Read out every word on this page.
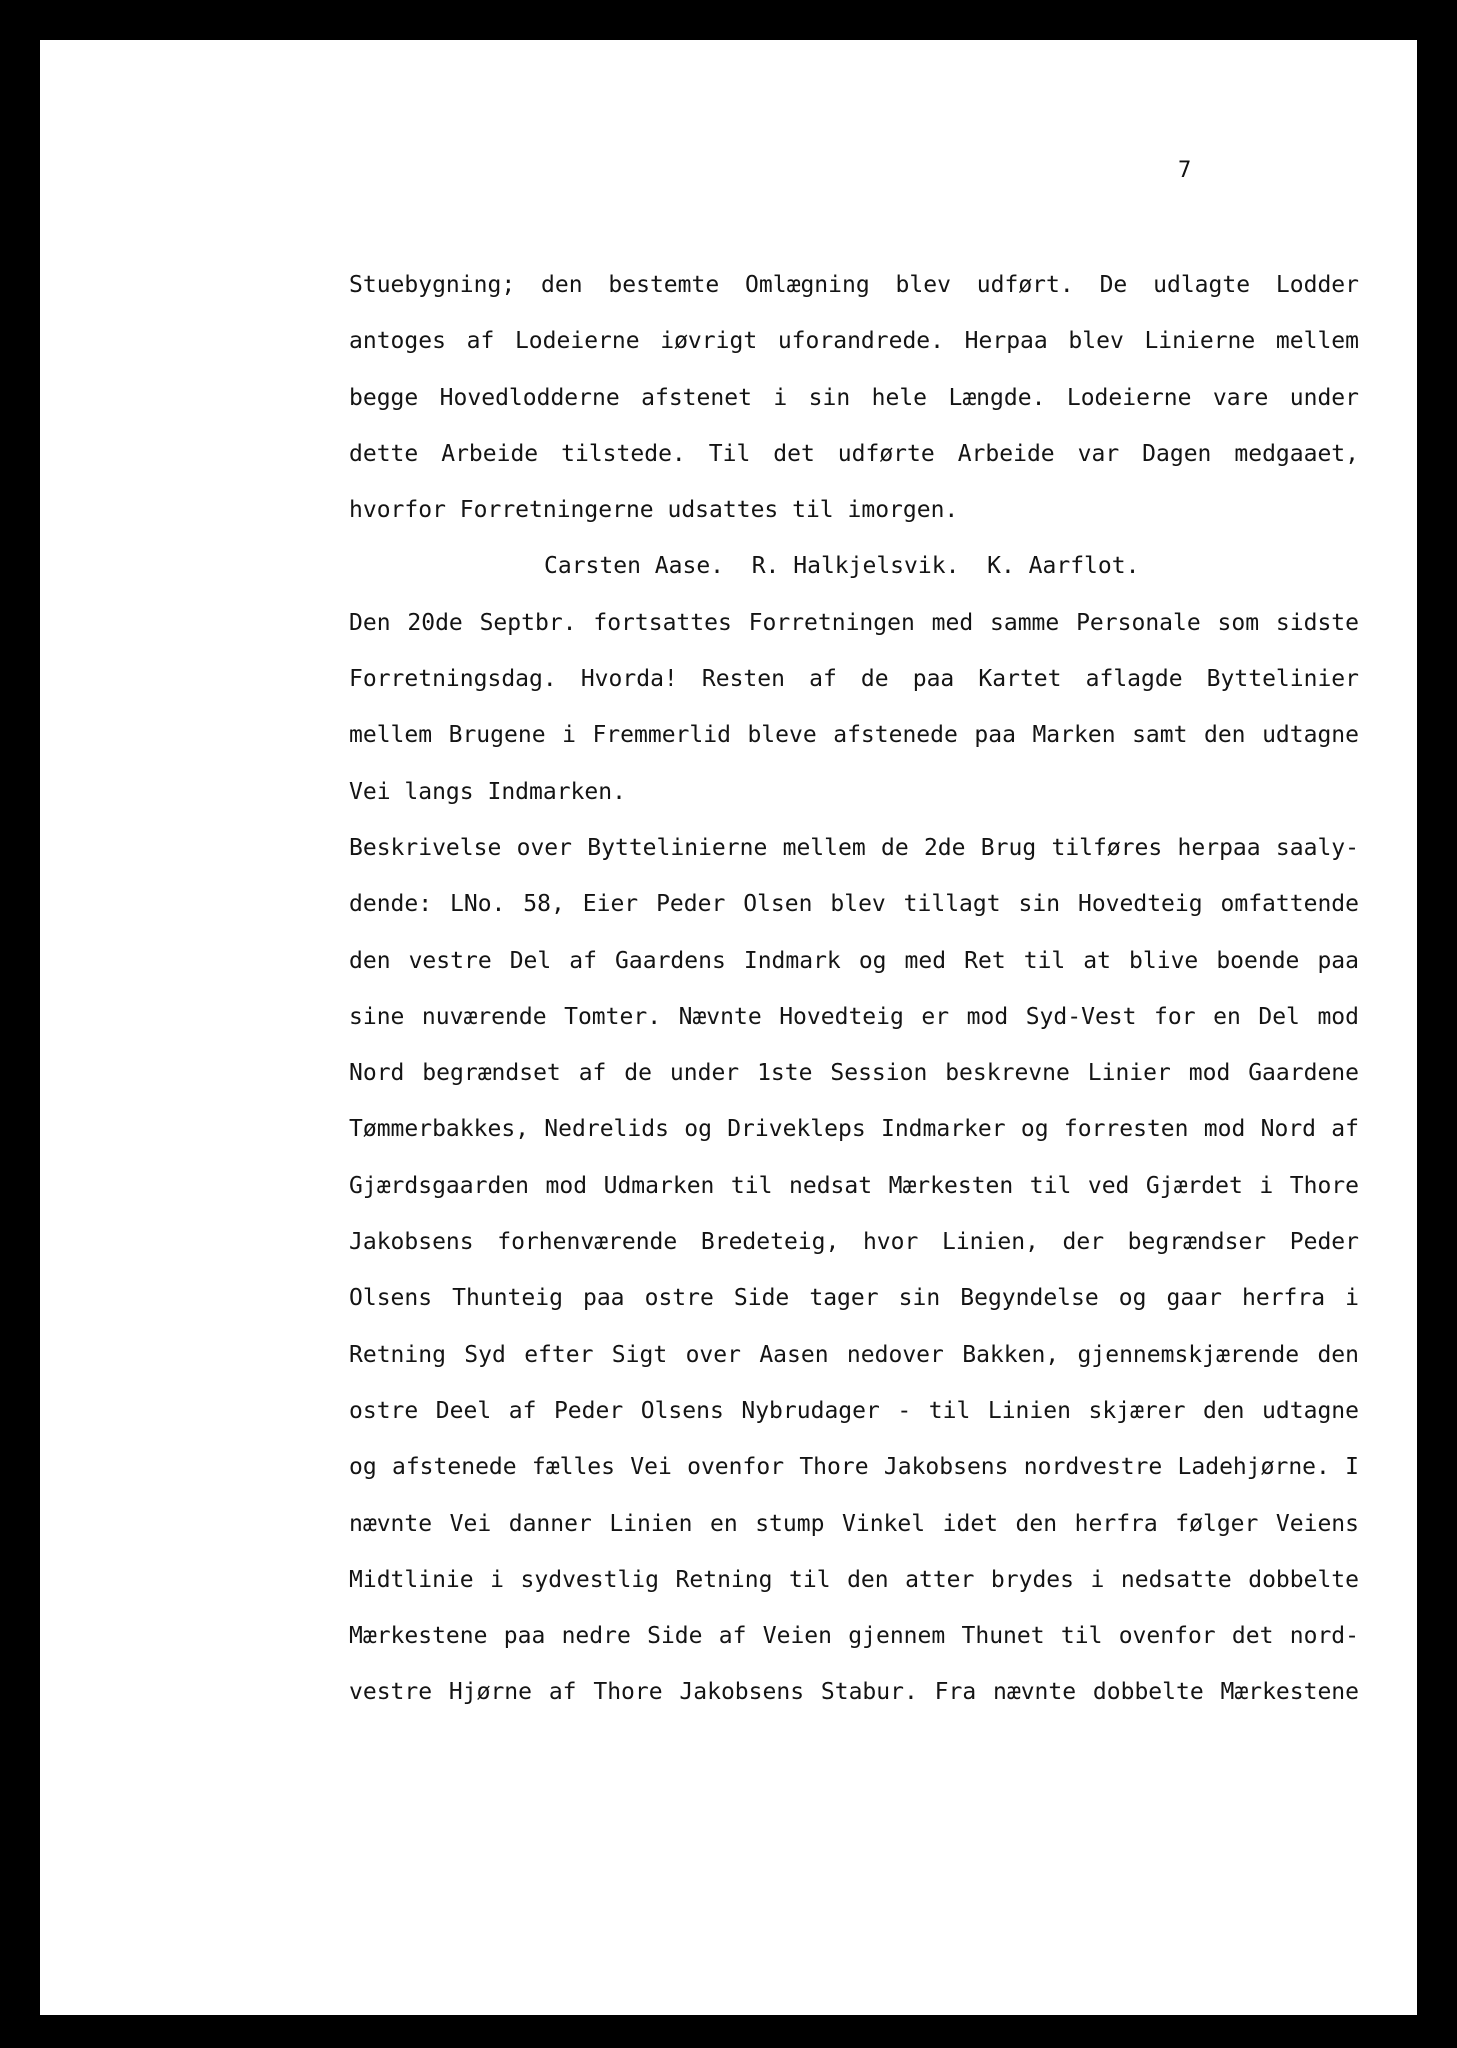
7
Stuebygning; den bestemte Omlægning blev udført. De udlagte Lodder
antoges af Lodeierne iøvrigt uforandrede. Herpaa blev Linierne mellem
begge Hovedlodderne afstenet i sin hele Længde. Lodeierne vare under
dette Arbeide tilstede. Til det udførte Arbeide var Dagen medgaaet,
hvorfor Forretningerne udsattes til imorgen.
Carsten Aase.  R. Halkjelsvik.  K. Aarflot.
Den 20de Septbr. fortsattes Forretningen med samme Personale som sidste
Forretningsdag. Hvorda! Resten af de paa Kartet aflagde Byttelinier
mellem Brugene i Fremmerlid bleve afstenede paa Marken samt den udtagne
Vei langs Indmarken.
Beskrivelse over Byttelinierne mellem de 2de Brug tilføres herpaa saaly-
dende: LNo. 58, Eier Peder Olsen blev tillagt sin Hovedteig omfattende
den vestre Del af Gaardens Indmark og med Ret til at blive boende paa
sine nuværende Tomter. Nævnte Hovedteig er mod Syd-Vest for en Del mod
Nord begrændset af de under 1ste Session beskrevne Linier mod Gaardene
Tømmerbakkes, Nedrelids og Drivekleps Indmarker og forresten mod Nord af
Gjærdsgaarden mod Udmarken til nedsat Mærkesten til ved Gjærdet i Thore
Jakobsens forhenværende Bredeteig, hvor Linien, der begrændser Peder
Olsens Thunteig paa ostre Side tager sin Begyndelse og gaar herfra i
Retning Syd efter Sigt over Aasen nedover Bakken, gjennemskjærende den
ostre Deel af Peder Olsens Nybrudager - til Linien skjærer den udtagne
og afstenede fælles Vei ovenfor Thore Jakobsens nordvestre Ladehjørne. I
nævnte Vei danner Linien en stump Vinkel idet den herfra følger Veiens
Midtlinie i sydvestlig Retning til den atter brydes i nedsatte dobbelte
Mærkestene paa nedre Side af Veien gjennem Thunet til ovenfor det nord-
vestre Hjørne af Thore Jakobsens Stabur. Fra nævnte dobbelte Mærkestene
